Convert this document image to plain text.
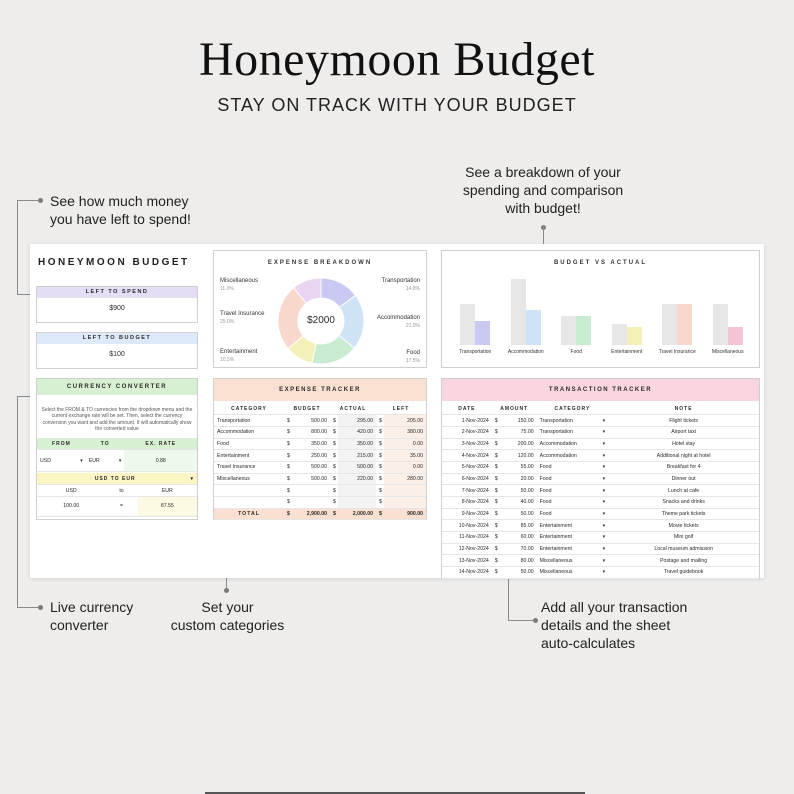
Honeymoon Budget
STAY ON TRACK WITH YOUR BUDGET
See how much money
you have left to spend!
See a breakdown of your
spending and comparison
with budget!
Live currency
converter
Set your
custom categories
Add all your transaction
details and the sheet
auto-calculates
HONEYMOON BUDGET
LEFT TO SPEND
$900
LEFT TO BUDGET
$100
EXPENSE BREAKDOWN
Miscellaneous
11.0%
Travel Insurance
25.0%
Entertainment
10.5%
Transportation
14.8%
Accommodation
21.0%
Food
17.5%
$2000
BUDGET VS ACTUAL
Transportation	Accommodation	Food	Entertainment	Travel Insurance	Miscellaneous
CURRENCY CONVERTER
Select the FROM & TO currencies from the dropdown menu and the current exchange rate will be set. Then, select the currency conversion you want and add the amount. It will automatically show the converted value
FROM	TO	EX. RATE
USD ▾	EUR ▾	0.88
USD TO EUR ▾		

USD	to	EUR
100.00	=	87.55
EXPENSE TRACKER
CATEGORY	BUDGET		ACTUAL		LEFT	
Transportation	$	500.00	$	295.00	$	205.00
Accommodation	$	800.00	$	420.00	$	380.00
Food	$	350.00	$	350.00	$	0.00
Entertainment	$	250.00	$	215.00	$	35.00
Travel Insurance	$	500.00	$	500.00	$	0.00
Miscellaneous	$	500.00	$	220.00	$	280.00
	$		$		$	
	$		$		$	
TOTAL	$	2,900.00	$	2,000.00	$	900.00
TRANSACTION TRACKER
DATE	AMOUNT		CATEGORY	NOTE
1-Nov-2024	$	150.00	Transportation ▾	Flight tickets
2-Nov-2024	$	75.00	Transportation ▾	Airport taxi
3-Nov-2024	$	200.00	Accommodation ▾	Hotel stay
4-Nov-2024	$	120.00	Accommodation ▾	Additional night at hotel
5-Nov-2024	$	55.00	Food ▾	Breakfast for 4
6-Nov-2024	$	20.00	Food ▾	Dinner out
7-Nov-2024	$	50.00	Food ▾	Lunch at cafe
8-Nov-2024	$	40.00	Food ▾	Snacks and drinks
9-Nov-2024	$	50.00	Food ▾	Theme park tickets
10-Nov-2024	$	85.00	Entertainment ▾	Movie tickets
11-Nov-2024	$	60.00	Entertainment ▾	Mini golf
12-Nov-2024	$	70.00	Entertainment ▾	Local museum admission
13-Nov-2024	$	80.00	Miscellaneous ▾	Postage and mailing
14-Nov-2024	$	50.00	Miscellaneous ▾	Travel guidebook
